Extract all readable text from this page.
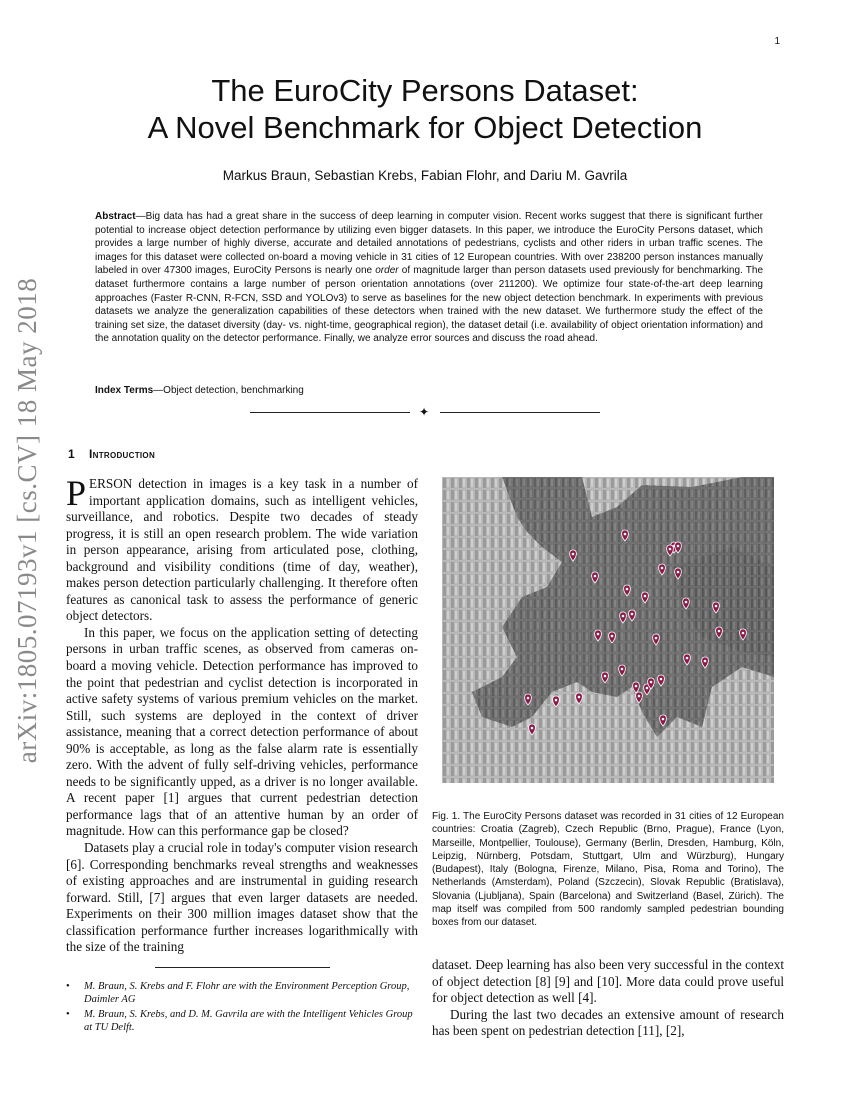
1
arXiv:1805.07193v1 [cs.CV] 18 May 2018
The EuroCity Persons Dataset:
A Novel Benchmark for Object Detection
Markus Braun, Sebastian Krebs, Fabian Flohr, and Dariu M. Gavrila
Abstract—Big data has had a great share in the success of deep learning in computer vision. Recent works suggest that there is significant further potential to increase object detection performance by utilizing even bigger datasets. In this paper, we introduce the EuroCity Persons dataset, which provides a large number of highly diverse, accurate and detailed annotations of pedestrians, cyclists and other riders in urban traffic scenes. The images for this dataset were collected on-board a moving vehicle in 31 cities of 12 European countries. With over 238200 person instances manually labeled in over 47300 images, EuroCity Persons is nearly one order of magnitude larger than person datasets used previously for benchmarking. The dataset furthermore contains a large number of person orientation annotations (over 211200). We optimize four state-of-the-art deep learning approaches (Faster R-CNN, R-FCN, SSD and YOLOv3) to serve as baselines for the new object detection benchmark. In experiments with previous datasets we analyze the generalization capabilities of these detectors when trained with the new dataset. We furthermore study the effect of the training set size, the dataset diversity (day- vs. night-time, geographical region), the dataset detail (i.e. availability of object orientation information) and the annotation quality on the detector performance. Finally, we analyze error sources and discuss the road ahead.
Index Terms—Object detection, benchmarking
✦
1 Introduction

PERSON detection in images is a key task in a number of important application domains, such as intelligent vehicles, surveillance, and robotics. Despite two decades of steady progress, it is still an open research problem. The wide variation in person appearance, arising from articulated pose, clothing, background and visibility conditions (time of day, weather), makes person detection particularly challenging. It therefore often features as canonical task to assess the performance of generic object detectors.

In this paper, we focus on the application setting of detecting persons in urban traffic scenes, as observed from cameras on-board a moving vehicle. Detection performance has improved to the point that pedestrian and cyclist detection is incorporated in active safety systems of various premium vehicles on the market. Still, such systems are deployed in the context of driver assistance, meaning that a correct detection performance of about 90% is acceptable, as long as the false alarm rate is essentially zero. With the advent of fully self-driving vehicles, performance needs to be significantly upped, as a driver is no longer available. A recent paper [1] argues that current pedestrian detection performance lags that of an attentive human by an order of magnitude. How can this performance gap be closed?

Datasets play a crucial role in today's computer vision research [6]. Corresponding benchmarks reveal strengths and weaknesses of existing approaches and are instrumental in guiding research forward. Still, [7] argues that even larger datasets are needed. Experiments on their 300 million images dataset show that the classification performance further increases logarithmically with the size of the training

•	M. Braun, S. Krebs and F. Flohr are with the Environment Perception Group, Daimler AG
•	M. Braun, S. Krebs, and D. M. Gavrila are with the Intelligent Vehicles Group at TU Delft.
Fig. 1. The EuroCity Persons dataset was recorded in 31 cities of 12 European countries: Croatia (Zagreb), Czech Republic (Brno, Prague), France (Lyon, Marseille, Montpellier, Toulouse), Germany (Berlin, Dresden, Hamburg, Köln, Leipzig, Nürnberg, Potsdam, Stuttgart, Ulm and Würzburg), Hungary (Budapest), Italy (Bologna, Firenze, Milano, Pisa, Roma and Torino), The Netherlands (Amsterdam), Poland (Szczecin), Slovak Republic (Bratislava), Slovania (Ljubljana), Spain (Barcelona) and Switzerland (Basel, Zürich). The map itself was compiled from 500 randomly sampled pedestrian bounding boxes from our dataset.

dataset. Deep learning has also been very successful in the context of object detection [8] [9] and [10]. More data could prove useful for object detection as well [4].

During the last two decades an extensive amount of research has been spent on pedestrian detection [11], [2],
